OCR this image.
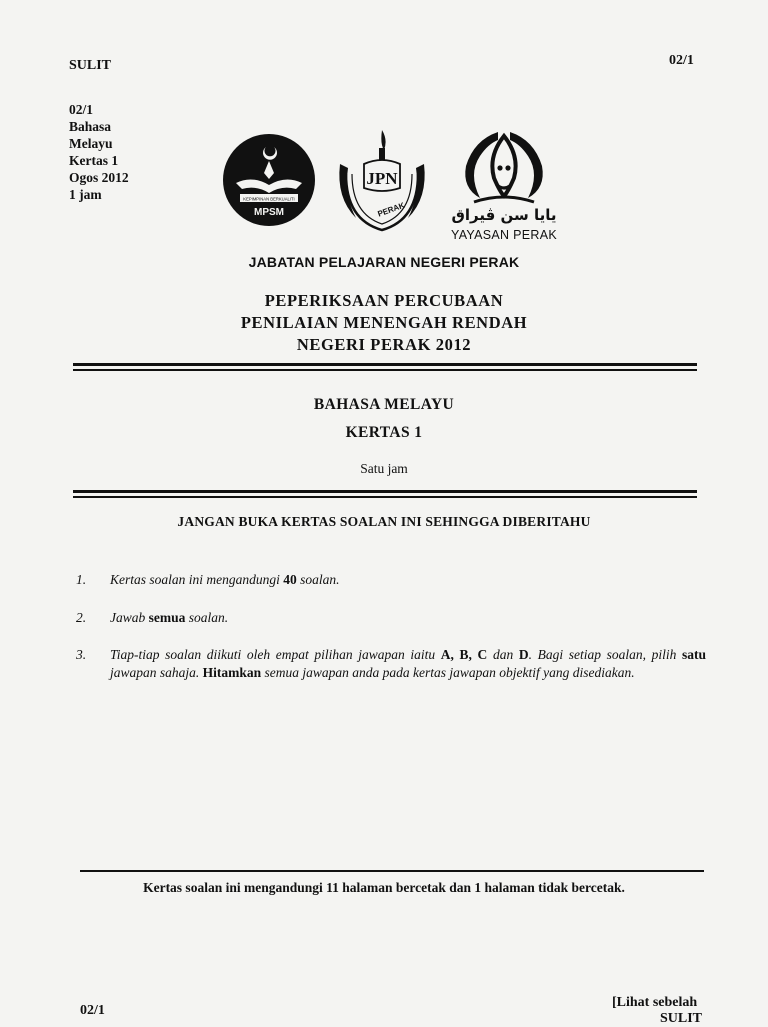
SULIT	02/1
02/1
Bahasa
Melayu
Kertas 1
Ogos 2012
1 jam	KEPIMPINAN BERKUALITI
MPSM
JPN
PERAK	يايا سن ڤيراق
YAYASAN PERAK
JABATAN PELAJARAN NEGERI PERAK
PEPERIKSAAN PERCUBAAN
PENILAIAN MENENGAH RENDAH
NEGERI PERAK 2012
BAHASA MELAYU
KERTAS 1
Satu jam
JANGAN BUKA KERTAS SOALAN INI SEHINGGA DIBERITAHU
1. Kertas soalan ini mengandungi 40 soalan.
2. Jawab semua soalan.
3. Tiap-tiap soalan diikuti oleh empat pilihan jawapan iaitu A, B, C dan D. Bagi setiap soalan, pilih satu jawapan sahaja. Hitamkan semua jawapan anda pada kertas jawapan objektif yang disediakan.
Kertas soalan ini mengandungi 11 halaman bercetak dan 1 halaman tidak bercetak.
02/1
[Lihat sebelah
SULIT
